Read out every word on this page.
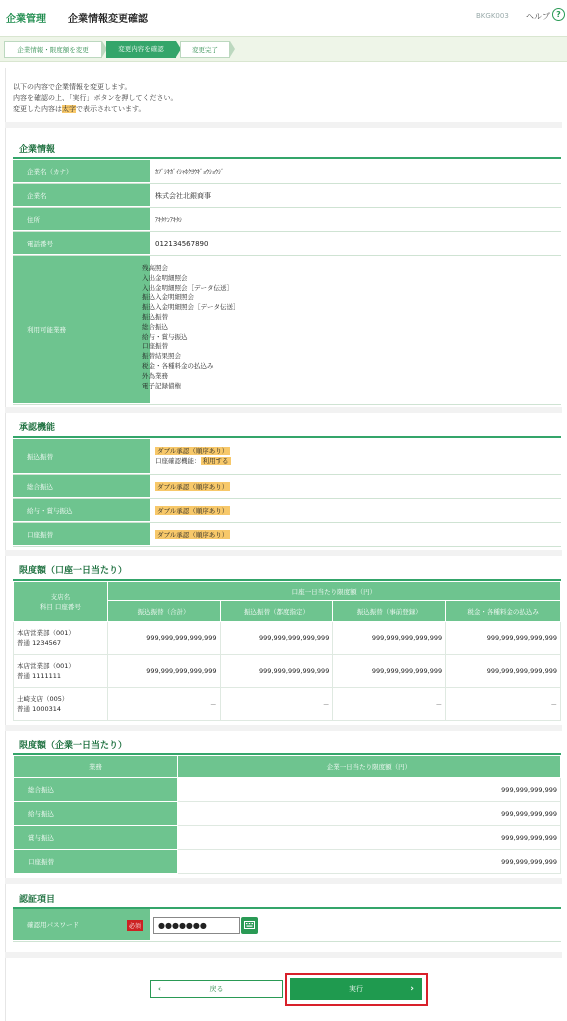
企業管理 企業情報変更確認	BKGK003 ヘルプ ?
企業情報・限度額を変更	変更内容を確認	変更完了
以下の内容で企業情報を変更します。
内容を確認の上、「実行」ボタンを押してください。
変更した内容は太字で表示されています。
企業情報
企業名（カナ）	ｶﾌﾞｼｷｶﾞｲｼｬﾎｸﾖｳｷﾞｮｳｼｮｳｼﾞ
企業名	株式会社北銀商事
住所	ｱｷﾀｹﾝｱｷﾀｼ
電話番号	012134567890
利用可能業務
残高照会
入出金明細照会
入出金明細照会［データ伝送］
振込入金明細照会
振込入金明細照会［データ伝送］
振込振替
総合振込
給与・賞与振込
口座振替
振替結果照会
税金・各種料金の払込み
外為業務
電子記録債権
承認機能
振込振替
ダブル承認（順序あり）
口座確認機能： 利用する
総合振込	ダブル承認（順序あり）
給与・賞与振込	ダブル承認（順序あり）
口座振替	ダブル承認（順序あり）
限度額（口座一日当たり）
支店名
科目 口座番号	口座一日当たり限度額（円）			
	振込振替（合計）	振込振替（都度指定）	振込振替（事前登録）	税金・各種料金の払込み

本店営業部（001）
普通 1234567	999,999,999,999,999	999,999,999,999,999	999,999,999,999,999	999,999,999,999,999

本店営業部（001）
普通 1111111	999,999,999,999,999	999,999,999,999,999	999,999,999,999,999	999,999,999,999,999

土崎支店（005）
普通 1000314	－	－	－	－
限度額（企業一日当たり）
業務	企業一日当たり限度額（円）
総合振込	999,999,999,999
給与振込	999,999,999,999
賞与振込	999,999,999,999
口座振替	999,999,999,999
認証項目
確認用パスワード	必須	●●●●●●●
‹	戻る	実行	›
